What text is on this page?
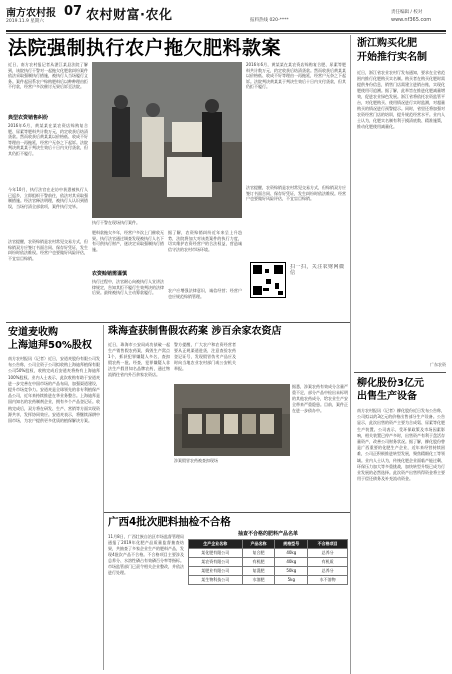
南方农村报
2019.11.9 星期六
07 农村财富·农化	报料热线 020-****
责任编辑 / 校对
www.nf365.com
法院强制执行农户拖欠肥料款案
近日，南方农村报记者从湛江某县法院了解到，该院执行干警对一起拖欠化肥款纠纷案件依法采取强制执行措施，被执行人当场履行义务。案件起因系农户赊购肥料后以种种理由拒不付款，经营户多次催讨无果后诉至法院。
典型农资销售纠纷
2016年6月，黄某某在某农资店赊购复合肥、尿素等肥料共计数万元，约定收获后结清货款。然而收获后黄某某以价格低、收成不好等理由一再拖延，经营户无奈之下起诉。法院判决黄某某于判决生效后十日内支付货款，但其仍拒不履行。
今年10月，执行法官在走访中获悉被执行人已返乡，立即组织干警前往，依法对其采取强制措施。经法官释法明理，被执行人认识到错误，当场付清全部款项，案件执行完毕。
法官提醒，农资赊销是农村常见交易方式，但赊销双方应签订书面合同、保存好凭证，发生纠纷时依法维权。经营户也要做好风险评估，不宜盲目赊销。
执行干警在现场执行案件。
肥料款拖欠多年，经营户多次上门催收无果。执行法官通过调查发现被执行人名下有可供执行财产，遂决定采取强制执行措施。
农资赊销需谨慎
执行过程中，法官耐心向被执行人宣讲法律规定，告知其拒不履行生效判决的法律后果。最终被执行人主动筹款履行。
据了解，农资赊销纠纷近年来呈上升趋势，法院将加大对该类案件的执行力度，切实维护农资经营户的合法权益，营造诚信守法的农村市场环境。
农户应增强法律意识，诚信经营；经营户也应规范赊销管理。
2016年6月，黄某某在某农资店赊购复合肥、尿素等肥料共计数万元，约定收获后结清货款。然而收获后黄某某以价格低、收成不好等理由一再拖延，经营户无奈之下起诉。法院判决黄某某于判决生效后十日内支付货款，但其仍拒不履行。
法官提醒，农资赊销是农村常见交易方式，但赊销双方应签订书面合同、保存好凭证，发生纠纷时依法维权。经营户也要做好风险评估，不宜盲目赊销。
扫一扫，关注农财网微信
浙江购买化肥
开始推行实名制
近日，浙江省农业农村厅发布通知，要求在全省范围内推行化肥购买实名制。购买者在购买化肥时需提供身份信息，销售门店需建立进销台账，实现化肥使用可追溯。据了解，此举旨在推进化肥减量增效，促进农业绿色发展。浙江省将依托农资监管平台，对化肥购买、使用情况进行实时监测，对超量购买的情况进行预警提示。同时，省里还将加强对农资经营门店的培训，提升规范经营水平。业内人士认为，化肥实名制有利于摸清底数、精准施策，推动化肥使用减量化。
广东农资
安道麦收购
上海迪拜50%股权
南方农村报讯（记者）近日，安道麦股份有限公司发布公告称，公司全资子公司拟收购上海迪拜植保有限公司50%股权，收购完成后安道麦将持有上海迪拜100%股权。业内人士表示，此次收购有助于安道麦进一步完善在中国市场的产品布局，加强渠道建设，提升市场竞争力。安道麦是全球领先的非专利植保产品公司，近年来持续推进在华业务整合。上海迪拜是国内知名的农药制剂企业，拥有多个产品登记证。收购完成后，双方将在研发、生产、营销等方面实现资源共享，发挥协同效应。安道麦表示，将继续深耕中国市场，为农户提供更多优质的植保解决方案。
珠海查获制售假农药案 涉百余家农资店
近日，珠海市公安局成功侦破一起生产销售假农药案，捣毁生产窝点1个，抓获犯罪嫌疑人多名，查扣假农药一批。经查，犯罪嫌疑人非法生产假冒知名品牌农药，通过物流销往省内外百余家农资店。
警方提醒，广大农户和农资经营者要从正规渠道进货，注意查验农药登记证号，发现假冒伪劣产品应及时向当地农业农村部门或公安机关举报。
涉案假冒农药被查扣现场
据悉，涉案农药有效成分含量严重不足，部分产品中检出未标明的其他农药成分，给农业生产安全带来严重隐患。目前，案件正在进一步侦办中。
广西4批次肥料抽检不合格
11月8日，广西壮族自治区市场监督管理局通报了2019年化肥产品质量监督抽查结果，共抽查了多家企业生产的肥料产品，发现4批次产品不合格。不合格项目主要涉及总养分、水溶性磷占有效磷百分率等指标。市场监管部门已责令相关企业整改，并依法进行处理。
抽查不合格的肥料产品名单
生产企业名称	产品名称	规格型号	不合格项目
某化肥有限公司	复合肥	40kg	总养分
某农资有限公司	有机肥	40kg	有机质
某肥业有限公司	复混肥	50kg	总养分
某生物科技公司	水溶肥	5kg	水不溶物
柳化股份3亿元
出售生产设备
南方农村报讯（记者）柳化股份近日发布公告称，公司拟以约3亿元的价格出售部分生产设备。公告显示，此次出售的资产主要为合成氨、尿素等化肥生产装置。公司表示，受环保政策及市场因素影响，相关装置已停产多时，出售资产有利于盘活存量资产，改善公司财务状况。据了解，柳化股份曾是广西重要的化肥生产企业，近年来经营持续困难，公司正积极推进转型发展，聚焦精细化工等领域。业内人士认为，传统化肥企业面临产能过剩、环保压力加大等多重挑战，加快转型升级已成为行业发展的必然选择。此次资产出售所得资金将主要用于偿还债务及补充流动资金。
